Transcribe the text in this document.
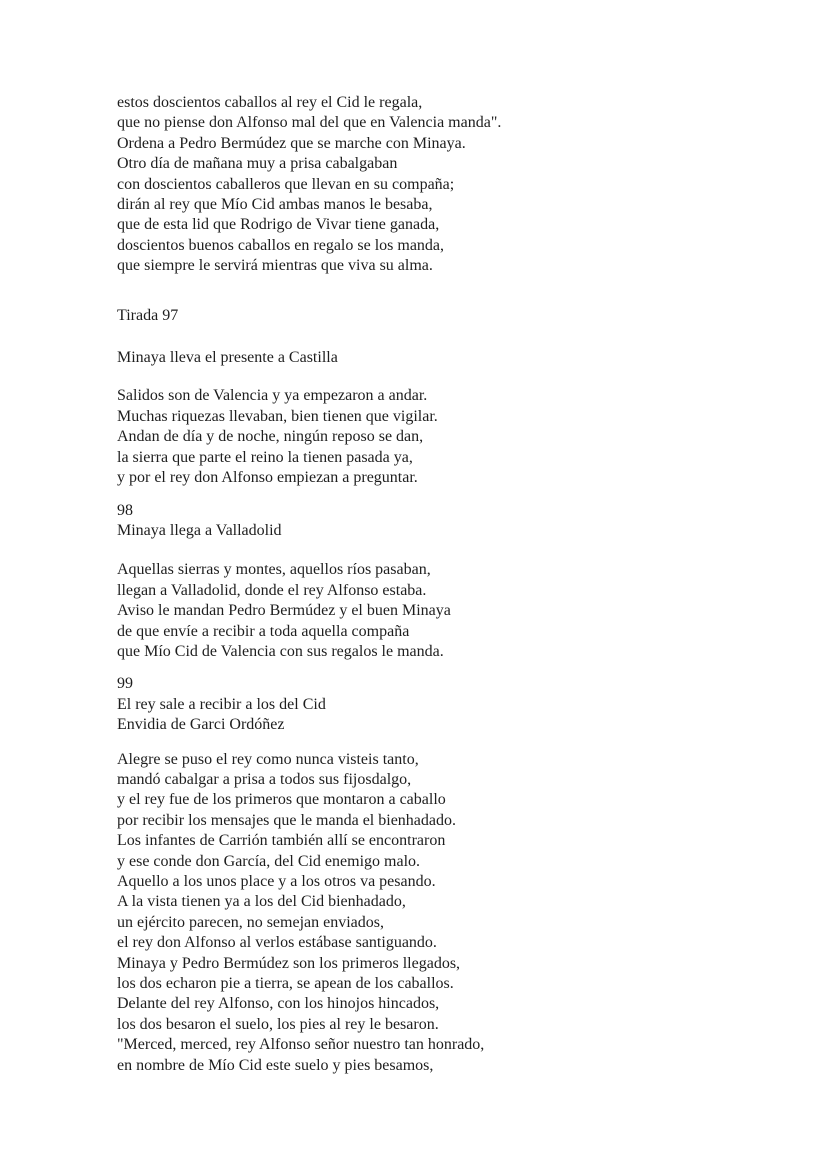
estos doscientos caballos al rey el Cid le regala,
que no piense don Alfonso mal del que en Valencia manda".
Ordena a Pedro Bermúdez que se marche con Minaya.
Otro día de mañana muy a prisa cabalgaban
con doscientos caballeros que llevan en su compaña;
dirán al rey que Mío Cid ambas manos le besaba,
que de esta lid que Rodrigo de Vivar tiene ganada,
doscientos buenos caballos en regalo se los manda,
que siempre le servirá mientras que viva su alma.
Tirada 97
Minaya lleva el presente a Castilla
Salidos son de Valencia y ya empezaron a andar.
Muchas riquezas llevaban, bien tienen que vigilar.
Andan de día y de noche, ningún reposo se dan,
la sierra que parte el reino la tienen pasada ya,
y por el rey don Alfonso empiezan a preguntar.
98
Minaya llega a Valladolid
Aquellas sierras y montes, aquellos ríos pasaban,
llegan a Valladolid, donde el rey Alfonso estaba.
Aviso le mandan Pedro Bermúdez y el buen Minaya
de que envíe a recibir a toda aquella compaña
que Mío Cid de Valencia con sus regalos le manda.
99
El rey sale a recibir a los del Cid
Envidia de Garci Ordóñez
Alegre se puso el rey como nunca visteis tanto,
mandó cabalgar a prisa a todos sus fijosdalgo,
y el rey fue de los primeros que montaron a caballo
por recibir los mensajes que le manda el bienhadado.
Los infantes de Carrión también allí se encontraron
y ese conde don García, del Cid enemigo malo.
Aquello a los unos place y a los otros va pesando.
A la vista tienen ya a los del Cid bienhadado,
un ejército parecen, no semejan enviados,
el rey don Alfonso al verlos estábase santiguando.
Minaya y Pedro Bermúdez son los primeros llegados,
los dos echaron pie a tierra, se apean de los caballos.
Delante del rey Alfonso, con los hinojos hincados,
los dos besaron el suelo, los pies al rey le besaron.
"Merced, merced, rey Alfonso señor nuestro tan honrado,
en nombre de Mío Cid este suelo y pies besamos,
